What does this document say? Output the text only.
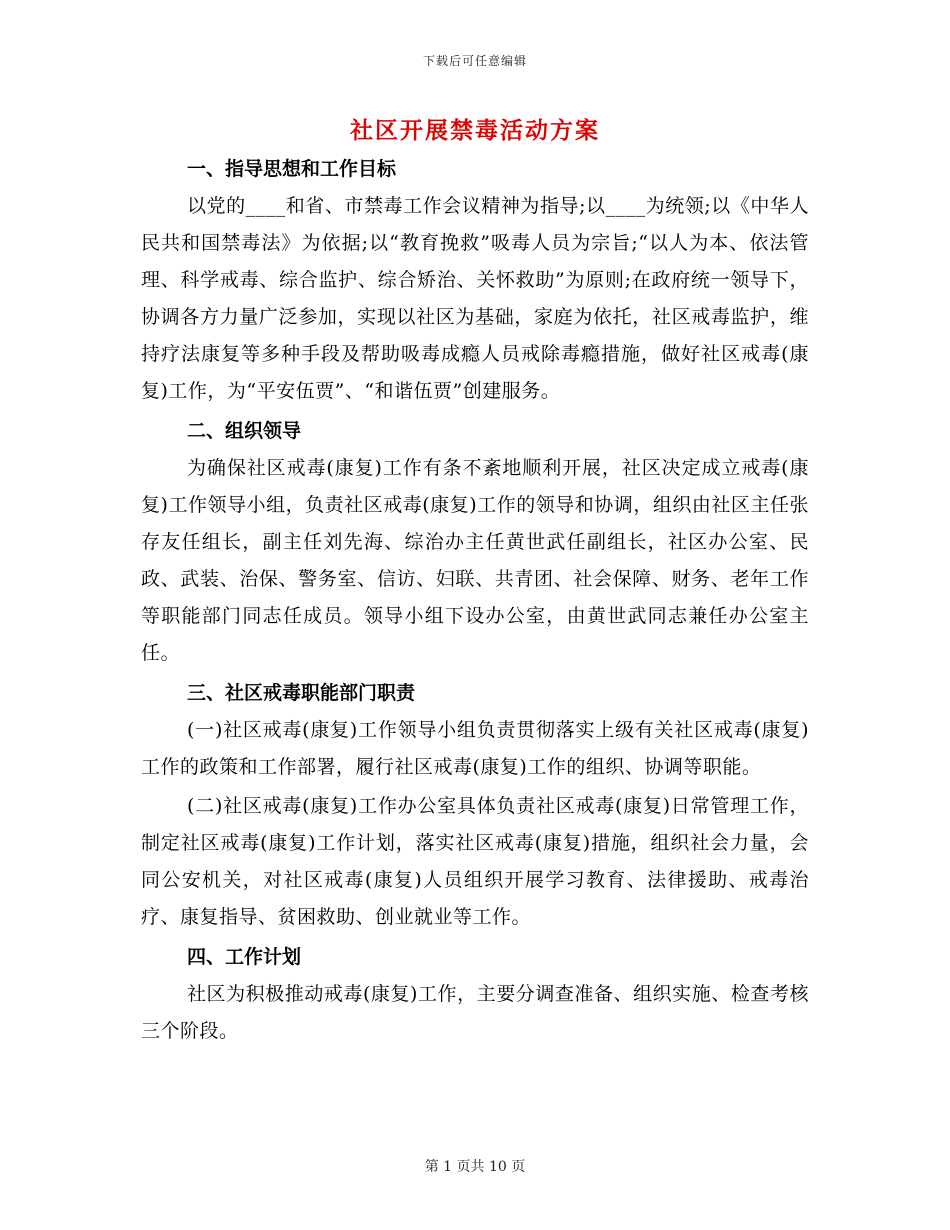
下载后可任意编辑
社区开展禁毒活动方案
一、指导思想和工作目标

以党的____和省、市禁毒工作会议精神为指导;以____为统领;以《中华人民共和国禁毒法》为依据;以“教育挽救”吸毒人员为宗旨;“以人为本、依法管理、科学戒毒、综合监护、综合矫治、关怀救助”为原则;在政府统一领导下，协调各方力量广泛参加，实现以社区为基础，家庭为依托，社区戒毒监护，维持疗法康复等多种手段及帮助吸毒成瘾人员戒除毒瘾措施，做好社区戒毒(康复)工作，为“平安伍贾”、“和谐伍贾”创建服务。

二、组织领导

为确保社区戒毒(康复)工作有条不紊地顺利开展，社区决定成立戒毒(康复)工作领导小组，负责社区戒毒(康复)工作的领导和协调，组织由社区主任张存友任组长，副主任刘先海、综治办主任黄世武任副组长，社区办公室、民政、武装、治保、警务室、信访、妇联、共青团、社会保障、财务、老年工作等职能部门同志任成员。领导小组下设办公室，由黄世武同志兼任办公室主任。

三、社区戒毒职能部门职责

(一)社区戒毒(康复)工作领导小组负责贯彻落实上级有关社区戒毒(康复)工作的政策和工作部署，履行社区戒毒(康复)工作的组织、协调等职能。

(二)社区戒毒(康复)工作办公室具体负责社区戒毒(康复)日常管理工作，制定社区戒毒(康复)工作计划，落实社区戒毒(康复)措施，组织社会力量，会同公安机关，对社区戒毒(康复)人员组织开展学习教育、法律援助、戒毒治疗、康复指导、贫困救助、创业就业等工作。

四、工作计划

社区为积极推动戒毒(康复)工作，主要分调查准备、组织实施、检查考核三个阶段。

第 1 页共 10 页
